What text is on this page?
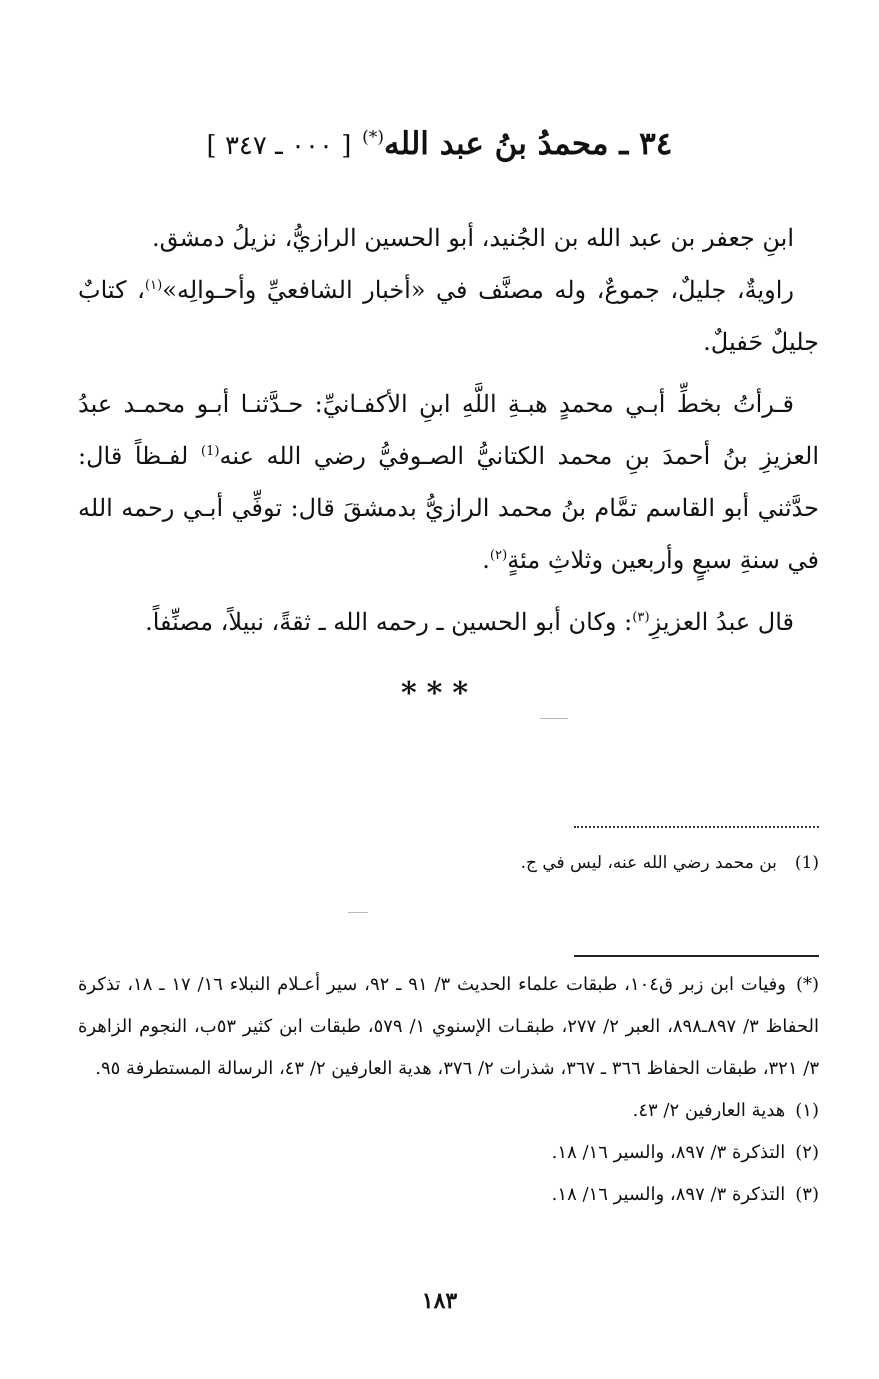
٣٤ ـ محمدُ بنُ عبد الله(*) [ ٠٠٠ ـ ٣٤٧ ]

ابنِ جعفر بن عبد الله بن الجُنيد، أبو الحسين الرازيُّ، نزيلُ دمشق.

راويةٌ، جليلٌ، جموعٌ، وله مصنَّف في «أخبار الشافعيِّ وأحـوالِه»$^{(١)}$، كتابٌ جليلٌ حَفيلٌ.

قـرأتُ بخطِّ أبـي محمدٍ هبـةِ اللَّهِ ابنِ الأكفـانيِّ: حـدَّثنـا أبـو محمـد عبدُ العزيزِ بنُ أحمدَ بنِ محمد الكتانيُّ الصـوفيُّ رضي الله عنه$^{(1)}$ لفـظاً قال: حدَّثني أبو القاسم تمَّام بنُ محمد الرازيُّ بدمشقَ قال: توفِّي أبـي رحمه الله في سنةِ سبعٍ وأربعين وثلاثِ مئةٍ$^{(٢)}$.

قال عبدُ العزيزِ$^{(٣)}$: وكان أبو الحسين ـ رحمه الله ـ ثقةً، نبيلاً، مصنِّفاً.

***
(1)بن محمد رضي الله عنه، ليس في ج.

(*)وفيات ابن زبر ق١٠٤، طبقات علماء الحديث ٣/ ٩١ ـ ٩٢، سير أعـلام النبلاء ١٦/ ١٧ ـ ١٨، تذكرة الحفاظ ٣/ ٨٩٧ـ٨٩٨، العبر ٢/ ٢٧٧، طبقـات الإسنوي ١/ ٥٧٩، طبقات ابن كثير ٥٣ب، النجوم الزاهرة ٣/ ٣٢١، طبقات الحفاظ ٣٦٦ ـ ٣٦٧، شذرات ٢/ ٣٧٦، هدية العارفين ٢/ ٤٣، الرسالة المستطرفة ٩٥.

(١)هدية العارفين ٢/ ٤٣.

(٢)التذكرة ٣/ ٨٩٧، والسير ١٦/ ١٨.

(٣)التذكرة ٣/ ٨٩٧، والسير ١٦/ ١٨.

١٨٣
